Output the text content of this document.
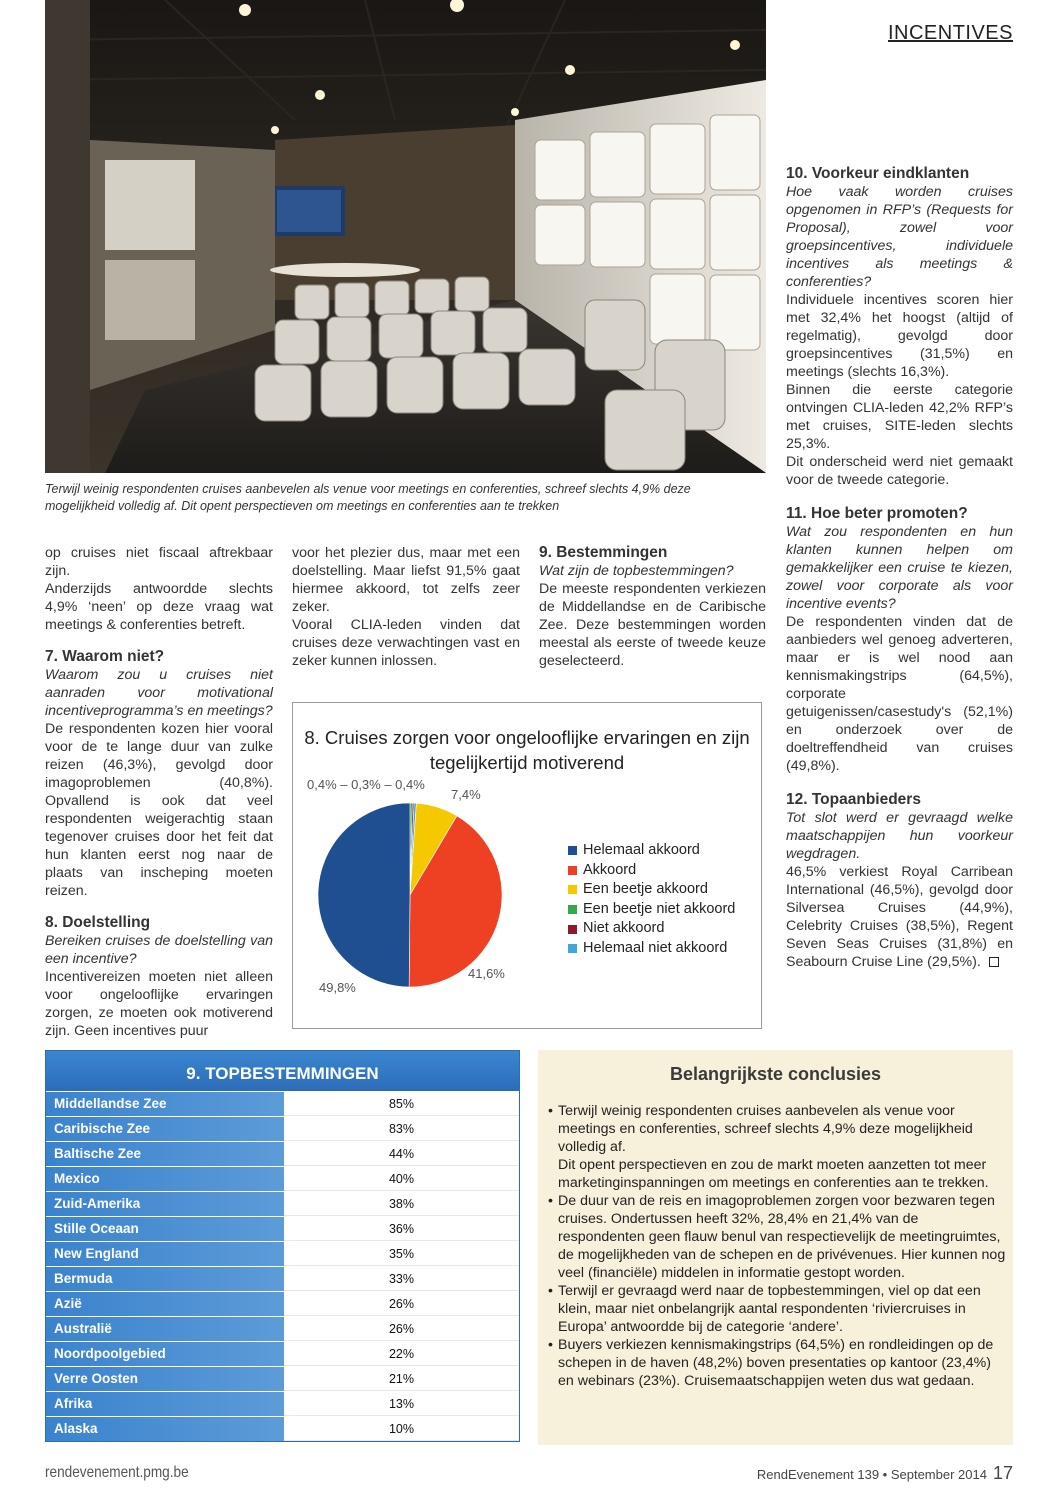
INCENTIVES
Terwijl weinig respondenten cruises aanbevelen als venue voor meetings en conferenties, schreef slechts 4,9% deze mogelijkheid volledig af. Dit opent perspectieven om meetings en conferenties aan te trekken

op cruises niet fiscaal aftrekbaar zijn.

Anderzijds antwoordde slechts 4,9% ‘neen’ op deze vraag wat meetings & conferenties betreft.

7. Waarom niet?

Waarom zou u cruises niet aanraden voor motivational incentiveprogramma’s en meetings?

De respondenten kozen hier vooral voor de te lange duur van zulke reizen (46,3%), gevolgd door imagoproblemen (40,8%). Opvallend is ook dat veel respondenten weigerachtig staan tegenover cruises door het feit dat hun klanten eerst nog naar de plaats van inscheping moeten reizen.

8. Doelstelling

Bereiken cruises de doelstelling van een incentive?

Incentivereizen moeten niet alleen voor ongelooflijke ervaringen zorgen, ze moeten ook motiverend zijn. Geen incentives puur

voor het plezier dus, maar met een doelstelling. Maar liefst 91,5% gaat hiermee akkoord, tot zelfs zeer zeker.

Vooral CLIA-leden vinden dat cruises deze verwachtingen vast en zeker kunnen inlossen.

9. Bestemmingen

Wat zijn de topbestemmingen?

De meeste respondenten verkiezen de Middellandse en de Caribische Zee. Deze bestemmingen worden meestal als eerste of tweede keuze geselecteerd.

10. Voorkeur eindklanten

Hoe vaak worden cruises opgenomen in RFP’s (Requests for Proposal), zowel voor groepsincentives, individuele incentives als meetings & conferenties?

Individuele incentives scoren hier met 32,4% het hoogst (altijd of regelmatig), gevolgd door groepsincentives (31,5%) en meetings (slechts 16,3%).

Binnen die eerste categorie ontvingen CLIA-leden 42,2% RFP’s met cruises, SITE-leden slechts 25,3%.

Dit onderscheid werd niet gemaakt voor de tweede categorie.

11. Hoe beter promoten?

Wat zou respondenten en hun klanten kunnen helpen om gemakkelijker een cruise te kiezen, zowel voor corporate als voor incentive events?

De respondenten vinden dat de aanbieders wel genoeg adverteren, maar er is wel nood aan kennismakingstrips (64,5%), corporate getuigenissen/casestudy's (52,1%) en onderzoek over de doeltreffendheid van cruises (49,8%).

12. Topaanbieders

Tot slot werd er gevraagd welke maatschappijen hun voorkeur wegdragen.

46,5% verkiest Royal Carribean International (46,5%), gevolgd door Silversea Cruises (44,9%), Celebrity Cruises (38,5%), Regent Seven Seas Cruises (31,8%) en Seabourn Cruise Line (29,5%).

8. Cruises zorgen voor ongelooflijke ervaringen en zijn tegelijkertijd motiverend
0,4% – 0,3% – 0,4%
7,4%
41,6%
49,8%
Helemaal akkoord
Akkoord
Een beetje akkoord
Een beetje niet akkoord
Niet akkoord
Helemaal niet akkoord
9. TOPBESTEMMINGEN
Middellandse Zee	85%
Caribische Zee	83%
Baltische Zee	44%
Mexico	40%
Zuid-Amerika	38%
Stille Oceaan	36%
New England	35%
Bermuda	33%
Azië	26%
Australië	26%
Noordpoolgebied	22%
Verre Oosten	21%
Afrika	13%
Alaska	10%
Belangrijkste conclusies
• Terwijl weinig respondenten cruises aanbevelen als venue voor meetings en conferenties, schreef slechts 4,9% deze mogelijkheid volledig af.
Dit opent perspectieven en zou de markt moeten aanzetten tot meer marketinginspanningen om meetings en conferenties aan te trekken.
• De duur van de reis en imagoproblemen zorgen voor bezwaren tegen cruises. Ondertussen heeft 32%, 28,4% en 21,4% van de respondenten geen flauw benul van respectievelijk de meetingruimtes, de mogelijkheden van de schepen en de privévenues. Hier kunnen nog veel (financiële) middelen in informatie gestopt worden.
• Terwijl er gevraagd werd naar de topbestemmingen, viel op dat een klein, maar niet onbelangrijk aantal respondenten ‘riviercruises in Europa’ antwoordde bij de categorie ‘andere’.
• Buyers verkiezen kennismakingstrips (64,5%) en rondleidingen op de schepen in de haven (48,2%) boven presentaties op kantoor (23,4%) en webinars (23%). Cruisemaatschappijen weten dus wat gedaan.
rendevenement.pmg.be	RendEvenement 139 • September 2014 17
